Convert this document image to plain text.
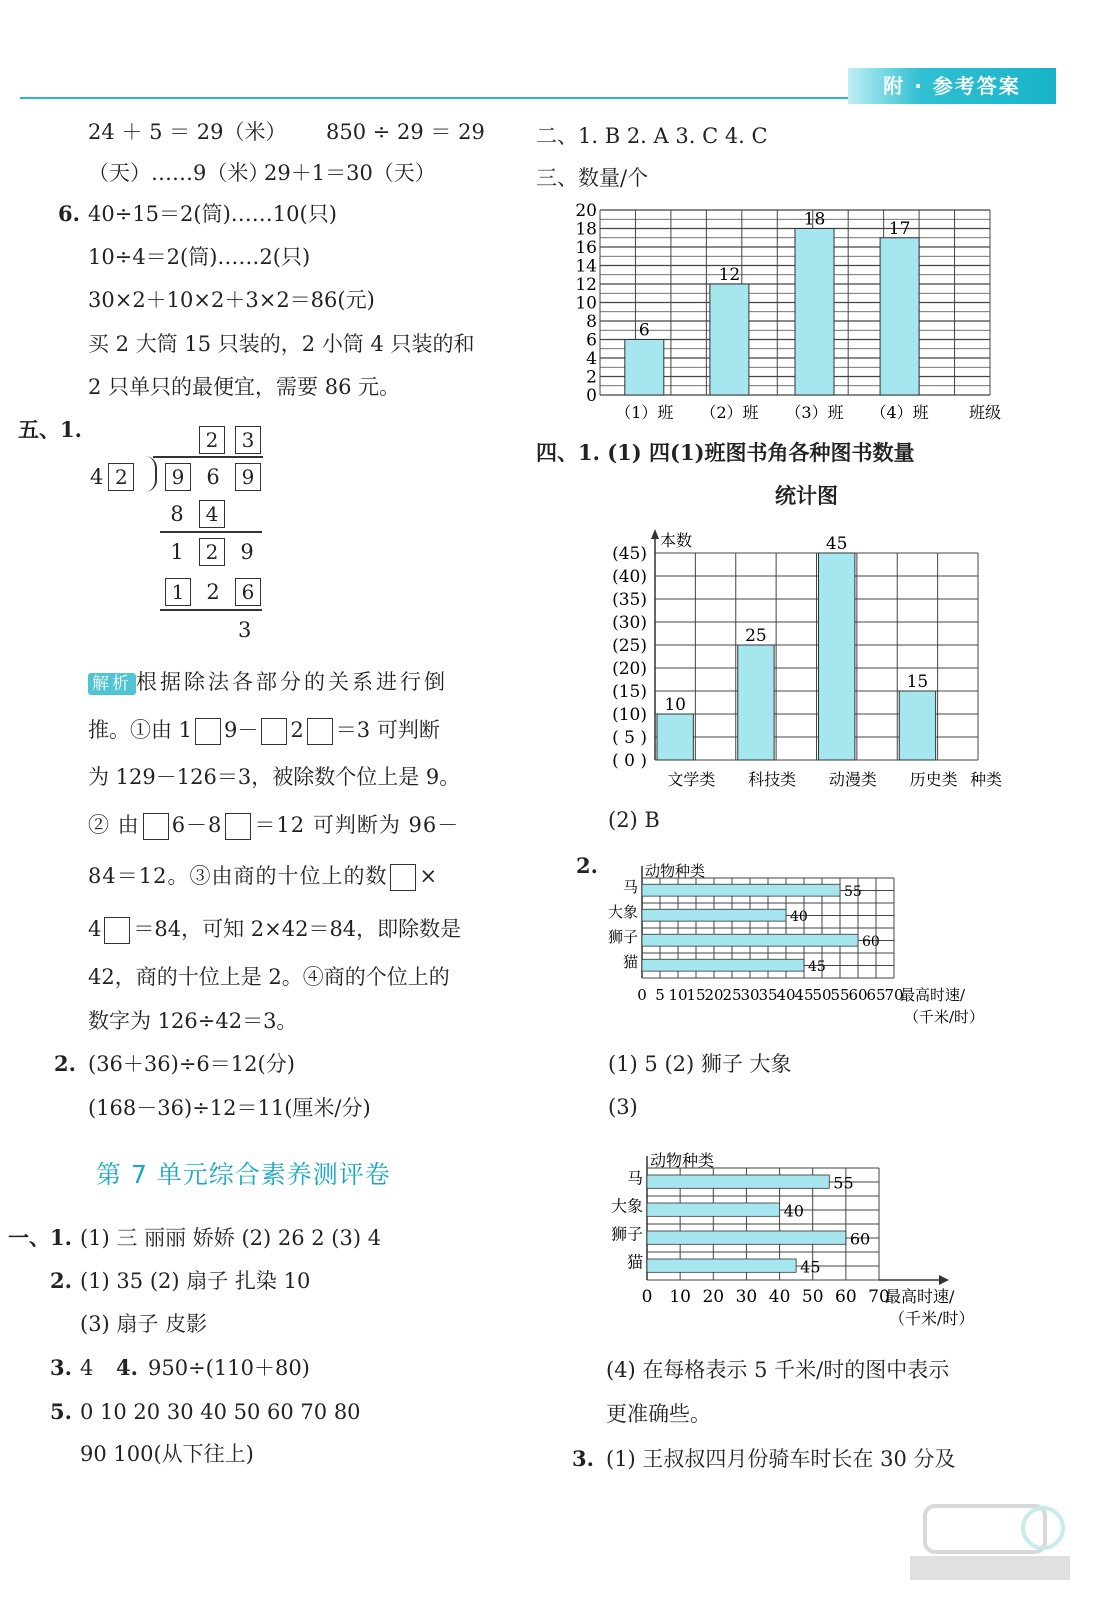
附 · 参考答案
24 ＋ 5 ＝ 29（米） 850 ÷ 29 ＝ 29
（天）……9（米）
29＋1＝30（天）
6. 40÷15＝2(筒)……10(只)
10÷4＝2(筒)……2(只)
30×2＋10×2＋3×2＝86(元)
买 2 大筒 15 只装的，2 小筒 4 只装的和
2 只单只的最便宜，需要 86 元。
五、1.	2 3
4 2	9 6 9
8 4
1 2 9
1 2 6
3
解析 根据除法各部分的关系进行倒
推。①由 1 9－ 2 ＝3 可判断
为 129－126＝3，被除数个位上是 9。
② 由 6－8 ＝12 可判断为 96－
84＝12。③由商的十位上的数 ×
4 ＝84，可知 2×42＝84，即除数是
42，商的十位上是 2。④商的个位上的
数字为 126÷42＝3。
2. (36＋36)÷6＝12(分)
(168－36)÷12＝11(厘米/分)
第 7 单元综合素养测评卷
一、1. (1) 三 丽丽 娇娇 (2) 26 2 (3) 4
2. (1) 35 (2) 扇子 扎染 10
(3) 扇子 皮影
3. 4 4. 950÷(110＋80)
5. 0 10 20 30 40 50 60 70 80
90 100(从下往上)
二、1. B 2. A 3. C 4. C
三、数量/个
0
2
4
6
8
10
12
14
16
18
20
6
（1）班
12
（2）班
18
（3）班
17
（4）班	班级
四、1. (1) 四(1)班图书角各种图书数量
统计图
本数
( 0 )
( 5 )
(10)
(15)
(20)
(25)
(30)
(35)
(40)
(45)
10
文学类
25
科技类
45
动漫类
15
历史类 种类
(2) B
2.	动物种类
0 5 10
15
20
25
30
35
40
45
50
55
60
65
70
最高时速/
（千米/时）
55
马
40
大象
60
狮子
45
猫
(1) 5 (2) 狮子 大象
(3)
动物种类
0 10 20 30 40 50 60 70
最高时速/
（千米/时）
55
马
40
大象
60
狮子
45
猫
(4) 在每格表示 5 千米/时的图中表示
更准确些。
3. (1) 王叔叔四月份骑车时长在 30 分及
